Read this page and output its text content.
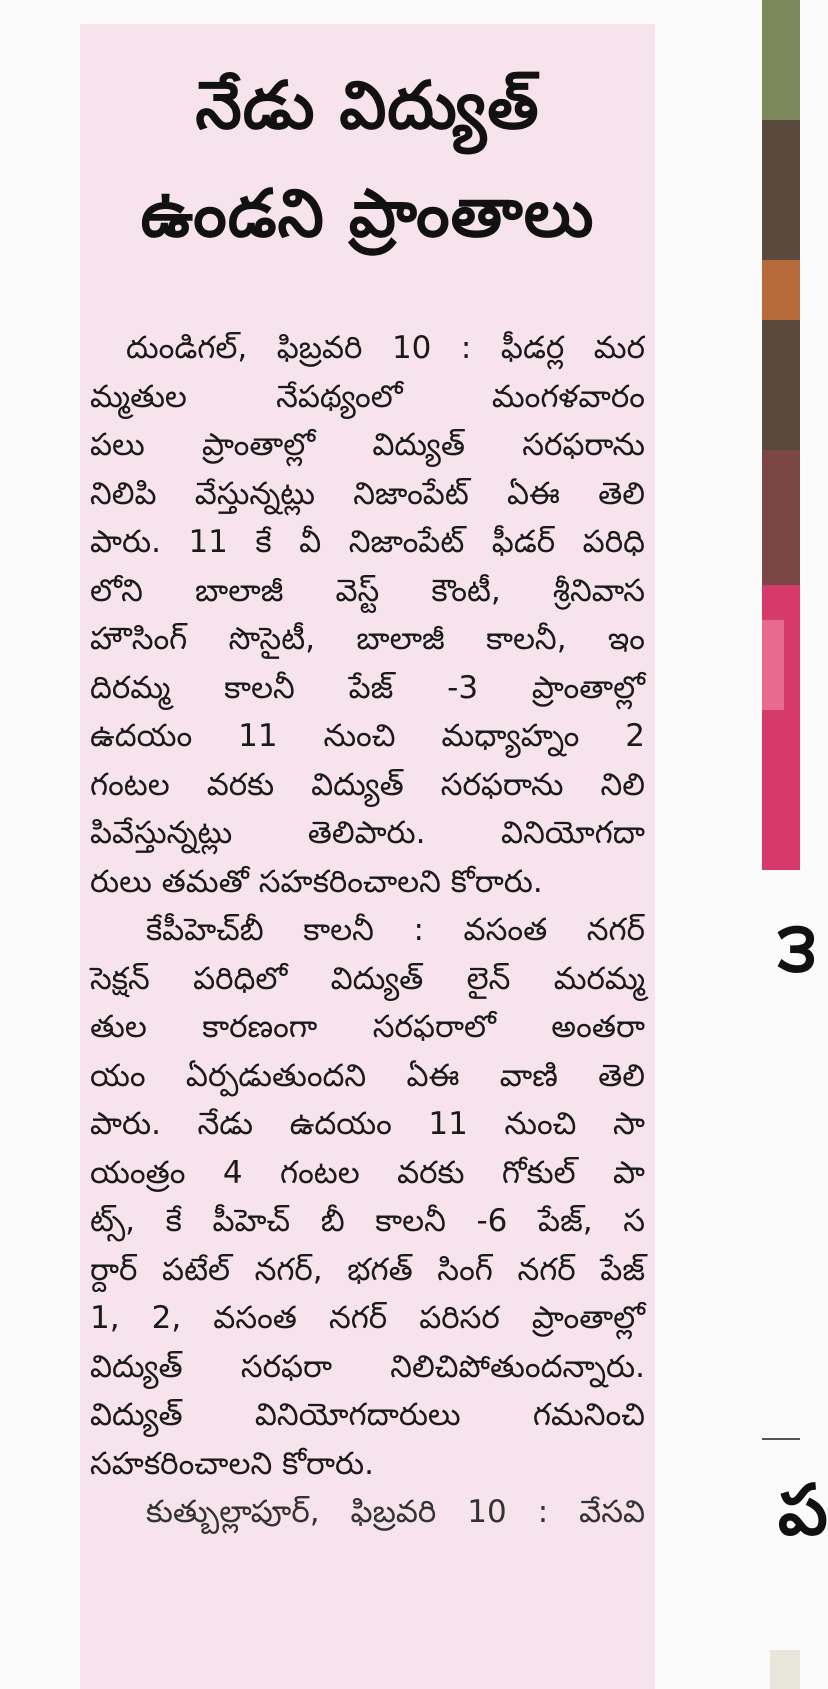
౩
ప
నేడు విద్యుత్
ఉండని ప్రాంతాలు
దుండిగల్, ఫిబ్రవరి 10 : ఫీడర్ల మర
మ్మతుల నేపథ్యంలో మంగళవారం
పలు ప్రాంతాల్లో విద్యుత్ సరఫరాను
నిలిపి వేస్తున్నట్లు నిజాంపేట్ ఏఈ తెలి
పారు. 11 కే వీ నిజాంపేట్ ఫీడర్ పరిధి
లోని బాలాజీ వెస్ట్ కౌంటీ, శ్రీనివాస
హౌసింగ్ సొసైటీ, బాలాజీ కాలనీ, ఇం
దిరమ్మ కాలనీ పేజ్ -3 ప్రాంతాల్లో
ఉదయం 11 నుంచి మధ్యాహ్నం 2
గంటల వరకు విద్యుత్ సరఫరాను నిలి
పివేస్తున్నట్లు తెలిపారు. వినియోగదా
రులు తమతో సహకరించాలని కోరారు.
కేపీహెచ్‌బీ కాలనీ : వసంత నగర్
సెక్షన్ పరిధిలో విద్యుత్ లైన్ మరమ్మ
తుల కారణంగా సరఫరాలో అంతరా
యం ఏర్పడుతుందని ఏఈ వాణి తెలి
పారు. నేడు ఉదయం 11 నుంచి సా
యంత్రం 4 గంటల వరకు గోకుల్ పా
ట్స్, కే పీహెచ్ బీ కాలనీ -6 పేజ్, స
ర్దార్ పటేల్ నగర్, భగత్ సింగ్ నగర్ పేజ్
1, 2, వసంత నగర్ పరిసర ప్రాంతాల్లో
విద్యుత్ సరఫరా నిలిచిపోతుందన్నారు.
విద్యుత్ వినియోగదారులు గమనించి
సహకరించాలని కోరారు.
కుత్బుల్లాపూర్, ఫిబ్రవరి 10 : వేసవి
